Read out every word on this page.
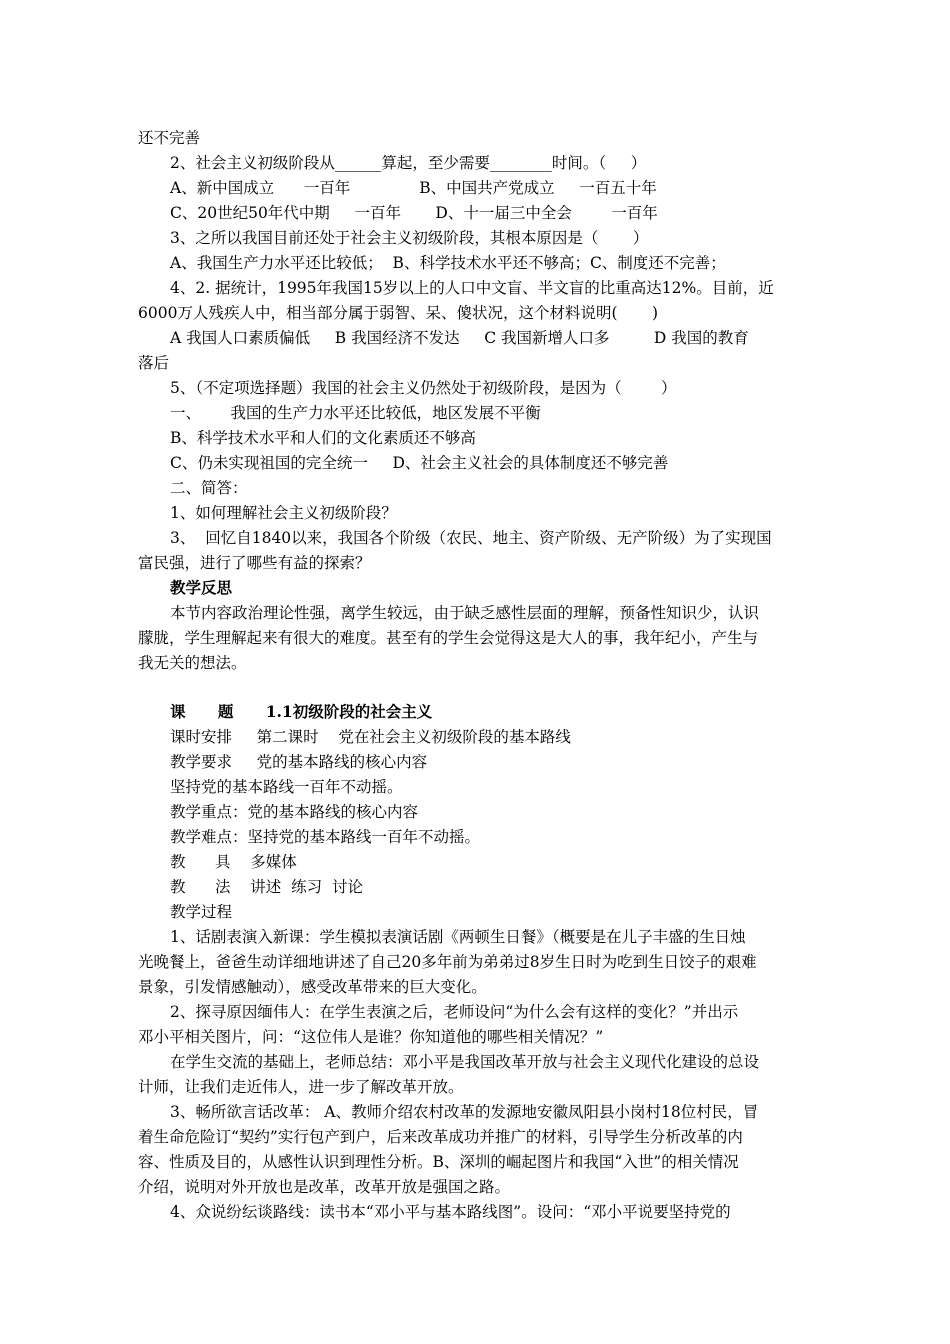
还不完善
2、社会主义初级阶段从______算起，至少需要________时间。（     ）
A、新中国成立      一百年              B、中国共产党成立     一百五十年
C、20世纪50年代中期     一百年       D、十一届三中全会        一百年
3、之所以我国目前还处于社会主义初级阶段，其根本原因是（       ）
A、我国生产力水平还比较低；  B、科学技术水平还不够高；C、制度还不完善；
4、2. 据统计，1995年我国15岁以上的人口中文盲、半文盲的比重高达12%。目前，近
6000万人残疾人中，相当部分属于弱智、呆、傻状况，这个材料说明(       )
A 我国人口素质偏低     B 我国经济不发达     C 我国新增人口多         D 我国的教育
落后
5、（不定项选择题）我国的社会主义仍然处于初级阶段，是因为（        ）
一、      我国的生产力水平还比较低，地区发展不平衡
B、科学技术水平和人们的文化素质还不够高
C、仍未实现祖国的完全统一     D、社会主义社会的具体制度还不够完善
二、简答：
1、如何理解社会主义初级阶段？
3、  回忆自1840以来，我国各个阶级（农民、地主、资产阶级、无产阶级）为了实现国
富民强，进行了哪些有益的探索？
教学反思
本节内容政治理论性强，离学生较远，由于缺乏感性层面的理解，预备性知识少，认识
朦胧，学生理解起来有很大的难度。甚至有的学生会觉得这是大人的事，我年纪小，产生与
我无关的想法。
课      题      1.1初级阶段的社会主义
课时安排     第二课时    党在社会主义初级阶段的基本路线
教学要求     党的基本路线的核心内容
坚持党的基本路线一百年不动摇。
教学重点：党的基本路线的核心内容
教学难点：坚持党的基本路线一百年不动摇。
教      具    多媒体
教      法    讲述  练习  讨论
教学过程
1、话剧表演入新课：学生模拟表演话剧《两顿生日餐》（概要是在儿子丰盛的生日烛
光晚餐上，爸爸生动详细地讲述了自己20多年前为弟弟过8岁生日时为吃到生日饺子的艰难
景象，引发情感触动），感受改革带来的巨大变化。
2、探寻原因缅伟人：在学生表演之后，老师设问“为什么会有这样的变化？”并出示
邓小平相关图片，问：“这位伟人是谁？你知道他的哪些相关情况？”
在学生交流的基础上，老师总结：邓小平是我国改革开放与社会主义现代化建设的总设
计师，让我们走近伟人，进一步了解改革开放。
3、畅所欲言话改革： A、教师介绍农村改革的发源地安徽凤阳县小岗村18位村民，冒
着生命危险订“契约”实行包产到户，后来改革成功并推广的材料，引导学生分析改革的内
容、性质及目的，从感性认识到理性分析。B、深圳的崛起图片和我国“入世”的相关情况
介绍，说明对外开放也是改革，改革开放是强国之路。
4、众说纷纭谈路线：读书本“邓小平与基本路线图”。设问：“邓小平说要坚持党的
